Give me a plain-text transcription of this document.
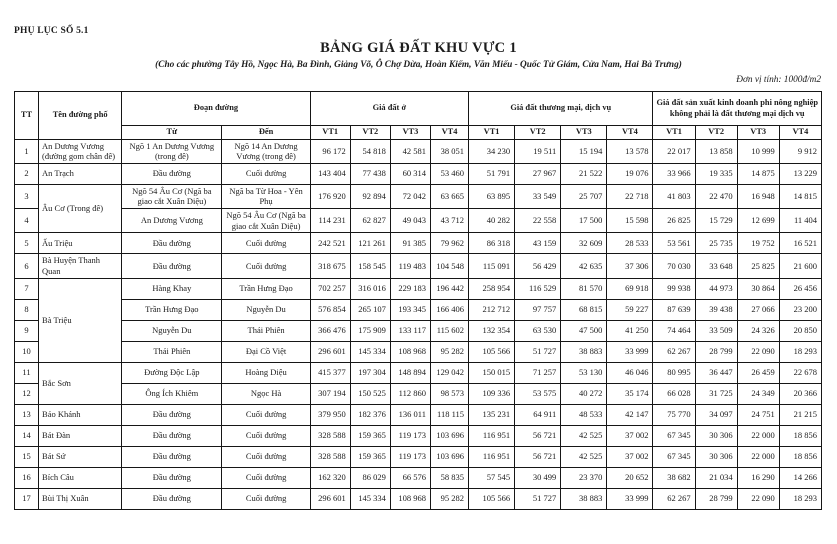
PHỤ LỤC SỐ 5.1
BẢNG GIÁ ĐẤT KHU VỰC 1
(Cho các phường Tây Hồ, Ngọc Hà, Ba Đình, Giảng Võ, Ô Chợ Dừa, Hoàn Kiếm, Văn Miếu - Quốc Tử Giám, Cửa Nam, Hai Bà Trưng)
Đơn vị tính: 1000đ/m2
TT	Tên đường phố	Đoạn đường		Giá đất ở				Giá đất thương mại, dịch vụ				Giá đất sản xuất kinh doanh phi nông nghiệp không phải là đất thương mại dịch vụ			
		Từ	Đến	VT1	VT2	VT3	VT4	VT1	VT2	VT3	VT4	VT1	VT2	VT3	VT4
1	An Dương Vương (đường gom chân đê)	Ngõ 1 An Dương Vương (trong đê)	Ngõ 14 An Dương Vương (trong đê)	96 172	54 818	42 581	38 051	34 230	19 511	15 194	13 578	22 017	13 858	10 999	9 912
2	An Trạch	Đầu đường	Cuối đường	143 404	77 438	60 314	53 460	51 791	27 967	21 522	19 076	33 966	19 335	14 875	13 229
3	Âu Cơ (Trong đê)	Ngõ 54 Âu Cơ (Ngã ba giao cắt Xuân Diệu)	Ngã ba Từ Hoa - Yên Phụ	176 920	92 894	72 042	63 665	63 895	33 549	25 707	22 718	41 803	22 470	16 948	14 815
4		An Dương Vương	Ngõ 54 Âu Cơ (Ngã ba giao cắt Xuân Diệu)	114 231	62 827	49 043	43 712	40 282	22 558	17 500	15 598	26 825	15 729	12 699	11 404
5	Ấu Triệu	Đầu đường	Cuối đường	242 521	121 261	91 385	79 962	86 318	43 159	32 609	28 533	53 561	25 735	19 752	16 521
6	Bà Huyện Thanh Quan	Đầu đường	Cuối đường	318 675	158 545	119 483	104 548	115 091	56 429	42 635	37 306	70 030	33 648	25 825	21 600
7	Bà Triệu	Hàng Khay	Trần Hưng Đạo	702 257	316 016	229 183	196 442	258 954	116 529	81 570	69 918	99 938	44 973	30 864	26 456
8		Trần Hưng Đạo	Nguyễn Du	576 854	265 107	193 345	166 406	212 712	97 757	68 815	59 227	87 639	39 438	27 066	23 200
9		Nguyễn Du	Thái Phiên	366 476	175 909	133 117	115 602	132 354	63 530	47 500	41 250	74 464	33 509	24 326	20 850
10		Thái Phiên	Đại Cồ Việt	296 601	145 334	108 968	95 282	105 566	51 727	38 883	33 999	62 267	28 799	22 090	18 293
11	Bắc Sơn	Đường Độc Lập	Hoàng Diệu	415 377	197 304	148 894	129 042	150 015	71 257	53 130	46 046	80 995	36 447	26 459	22 678
12		Ông Ích Khiêm	Ngọc Hà	307 194	150 525	112 860	98 573	109 336	53 575	40 272	35 174	66 028	31 725	24 349	20 366
13	Bảo Khánh	Đầu đường	Cuối đường	379 950	182 376	136 011	118 115	135 231	64 911	48 533	42 147	75 770	34 097	24 751	21 215
14	Bát Đàn	Đầu đường	Cuối đường	328 588	159 365	119 173	103 696	116 951	56 721	42 525	37 002	67 345	30 306	22 000	18 856
15	Bát Sứ	Đầu đường	Cuối đường	328 588	159 365	119 173	103 696	116 951	56 721	42 525	37 002	67 345	30 306	22 000	18 856
16	Bích Câu	Đầu đường	Cuối đường	162 320	86 029	66 576	58 835	57 545	30 499	23 370	20 652	38 682	21 034	16 290	14 266
17	Bùi Thị Xuân	Đầu đường	Cuối đường	296 601	145 334	108 968	95 282	105 566	51 727	38 883	33 999	62 267	28 799	22 090	18 293
